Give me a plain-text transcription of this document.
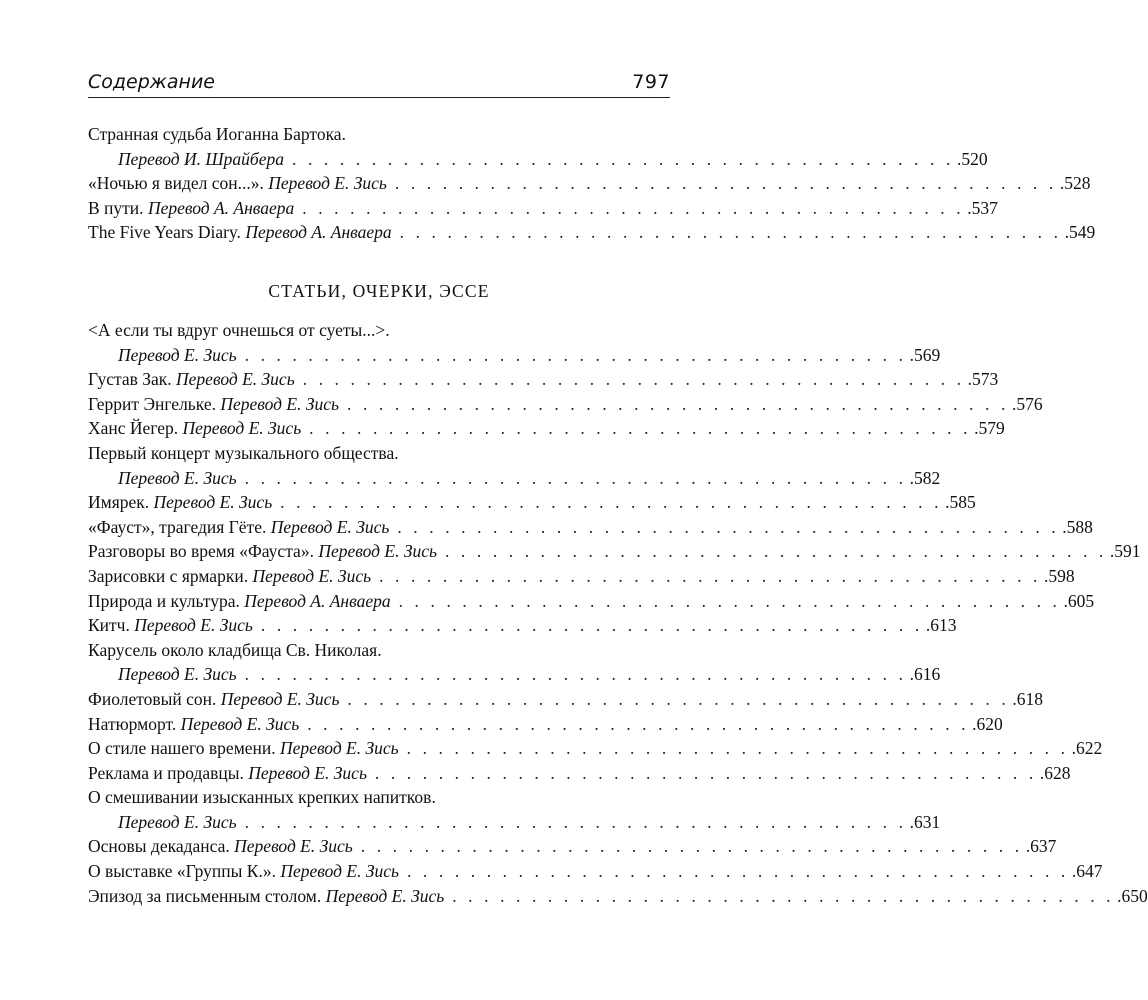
Содержание	797
Странная судьба Иоганна Бартока.
Перевод И. Шрайбера . . . . . . . . . . . . . . . . . . . . . . . . . . . . . . . . . . . . . . . . . . .520
«Ночью я видел сон...». Перевод Е. Зись . . . . . . . . . . . . . . . . . . . . . . . . . . . . . . . . . . . . . . . . . . .528
В пути. Перевод А. Анваера . . . . . . . . . . . . . . . . . . . . . . . . . . . . . . . . . . . . . . . . . . .537
The Five Years Diary. Перевод А. Анваера . . . . . . . . . . . . . . . . . . . . . . . . . . . . . . . . . . . . . . . . . . .549
СТАТЬИ, ОЧЕРКИ, ЭССЕ
<А если ты вдруг очнешься от суеты...>.
Перевод Е. Зись . . . . . . . . . . . . . . . . . . . . . . . . . . . . . . . . . . . . . . . . . . .569
Густав Зак. Перевод Е. Зись . . . . . . . . . . . . . . . . . . . . . . . . . . . . . . . . . . . . . . . . . . .573
Геррит Энгельке. Перевод Е. Зись . . . . . . . . . . . . . . . . . . . . . . . . . . . . . . . . . . . . . . . . . . .576
Ханс Йегер. Перевод Е. Зись . . . . . . . . . . . . . . . . . . . . . . . . . . . . . . . . . . . . . . . . . . .579
Первый концерт музыкального общества.
Перевод Е. Зись . . . . . . . . . . . . . . . . . . . . . . . . . . . . . . . . . . . . . . . . . . .582
Имярек. Перевод Е. Зись . . . . . . . . . . . . . . . . . . . . . . . . . . . . . . . . . . . . . . . . . . .585
«Фауст», трагедия Гёте. Перевод Е. Зись . . . . . . . . . . . . . . . . . . . . . . . . . . . . . . . . . . . . . . . . . . .588
Разговоры во время «Фауста». Перевод Е. Зись . . . . . . . . . . . . . . . . . . . . . . . . . . . . . . . . . . . . . . . . . . .591
Зарисовки с ярмарки. Перевод Е. Зись . . . . . . . . . . . . . . . . . . . . . . . . . . . . . . . . . . . . . . . . . . .598
Природа и культура. Перевод А. Анваера . . . . . . . . . . . . . . . . . . . . . . . . . . . . . . . . . . . . . . . . . . .605
Китч. Перевод Е. Зись . . . . . . . . . . . . . . . . . . . . . . . . . . . . . . . . . . . . . . . . . . .613
Карусель около кладбища Св. Николая.
Перевод Е. Зись . . . . . . . . . . . . . . . . . . . . . . . . . . . . . . . . . . . . . . . . . . .616
Фиолетовый сон. Перевод Е. Зись . . . . . . . . . . . . . . . . . . . . . . . . . . . . . . . . . . . . . . . . . . .618
Натюрморт. Перевод Е. Зись . . . . . . . . . . . . . . . . . . . . . . . . . . . . . . . . . . . . . . . . . . .620
О стиле нашего времени. Перевод Е. Зись . . . . . . . . . . . . . . . . . . . . . . . . . . . . . . . . . . . . . . . . . . .622
Реклама и продавцы. Перевод Е. Зись . . . . . . . . . . . . . . . . . . . . . . . . . . . . . . . . . . . . . . . . . . .628
О смешивании изысканных крепких напитков.
Перевод Е. Зись . . . . . . . . . . . . . . . . . . . . . . . . . . . . . . . . . . . . . . . . . . .631
Основы декаданса. Перевод Е. Зись . . . . . . . . . . . . . . . . . . . . . . . . . . . . . . . . . . . . . . . . . . .637
О выставке «Группы К.». Перевод Е. Зись . . . . . . . . . . . . . . . . . . . . . . . . . . . . . . . . . . . . . . . . . . .647
Эпизод за письменным столом. Перевод Е. Зись . . . . . . . . . . . . . . . . . . . . . . . . . . . . . . . . . . . . . . . . . . .650
